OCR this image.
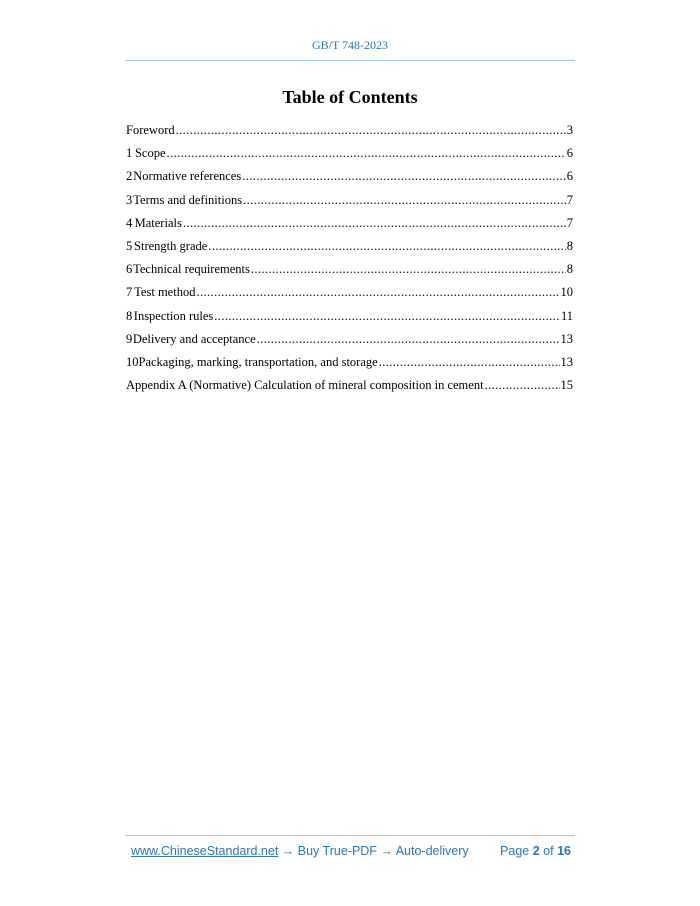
GB/T 748-2023
Table of Contents
Foreword .....	3
1 Scope .....	6
2 Normative references .....	6
3 Terms and definitions .....	7
4 Materials .....	7
5 Strength grade .....	8
6 Technical requirements .....	8
7 Test method .....	10
8 Inspection rules .....	11
9 Delivery and acceptance .....	13
10 Packaging, marking, transportation, and storage .....	13
Appendix A (Normative) Calculation of mineral composition in cement .....	15
www.ChineseStandard.net → Buy True-PDF → Auto-delivery	Page 2 of 16
